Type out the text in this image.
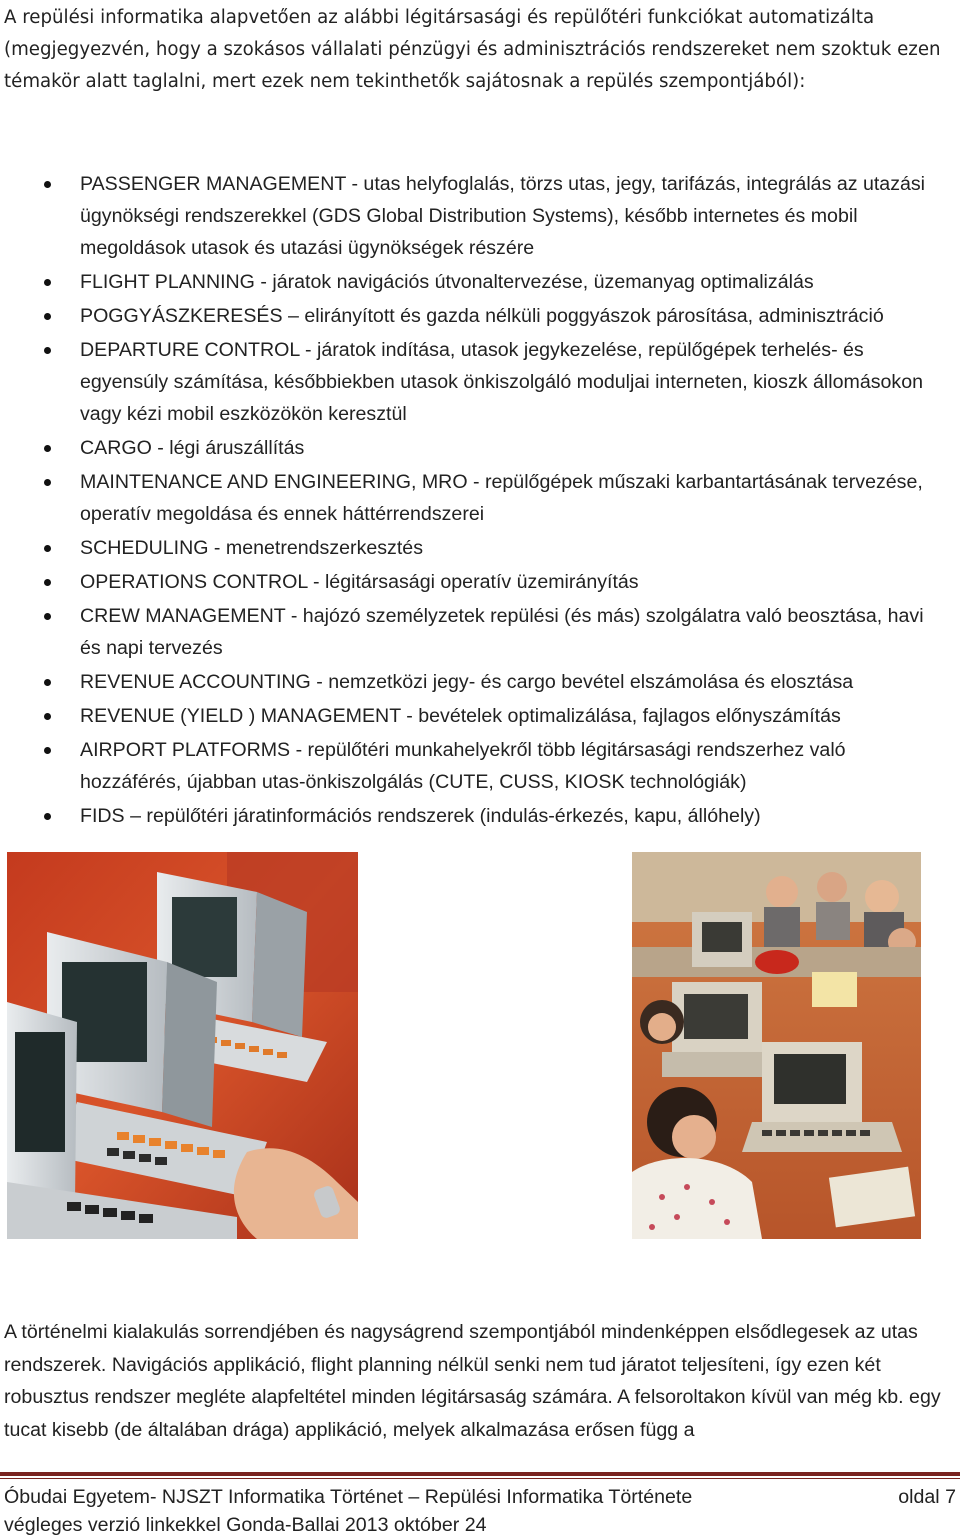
A repülési informatika alapvetően az alábbi légitársasági és repülőtéri funkciókat automatizálta (megjegyezvén, hogy a szokásos vállalati pénzügyi és adminisztrációs rendszereket nem szoktuk ezen témakör alatt taglalni, mert ezek nem tekinthetők sajátosnak a repülés szempontjából):
PASSENGER MANAGEMENT - utas helyfoglalás, törzs utas, jegy, tarifázás, integrálás az utazási ügynökségi rendszerekkel (GDS Global Distribution Systems), később internetes és mobil megoldások utasok és utazási ügynökségek részére
FLIGHT PLANNING - járatok navigációs útvonaltervezése, üzemanyag optimalizálás
POGGYÁSZKERESÉS – elirányított és gazda nélküli poggyászok párosítása, adminisztráció
DEPARTURE CONTROL - járatok indítása, utasok jegykezelése, repülőgépek terhelés- és egyensúly számítása, későbbiekben utasok önkiszolgáló moduljai interneten, kioszk állomásokon vagy kézi mobil eszközökön keresztül
CARGO - légi áruszállítás
MAINTENANCE AND ENGINEERING, MRO - repülőgépek műszaki karbantartásának tervezése, operatív megoldása és ennek háttérrendszerei
SCHEDULING - menetrendszerkesztés
OPERATIONS CONTROL - légitársasági operatív üzemirányítás
CREW MANAGEMENT - hajózó személyzetek repülési (és más) szolgálatra való beosztása, havi és napi tervezés
REVENUE ACCOUNTING - nemzetközi jegy- és cargo bevétel elszámolása és elosztása
REVENUE (YIELD ) MANAGEMENT - bevételek optimalizálása, fajlagos előnyszámítás
AIRPORT PLATFORMS - repülőtéri munkahelyekről több légitársasági rendszerhez való hozzáférés, újabban utas-önkiszolgálás (CUTE, CUSS, KIOSK technológiák)
FIDS – repülőtéri járatinformációs rendszerek (indulás-érkezés, kapu, állóhely)
A történelmi kialakulás sorrendjében és nagyságrend szempontjából mindenképpen elsődlegesek az utas rendszerek. Navigációs applikáció, flight planning nélkül senki nem tud járatot teljesíteni, így ezen két robusztus rendszer megléte alapfeltétel minden légitársaság számára. A felsoroltakon kívül van még kb. egy tucat kisebb (de általában drága) applikáció, melyek alkalmazása erősen függ a
Óbudai Egyetem- NJSZT Informatika Történet – Repülési Informatika Története	oldal 7
végleges verzió linkekkel Gonda-Ballai 2013 október 24
